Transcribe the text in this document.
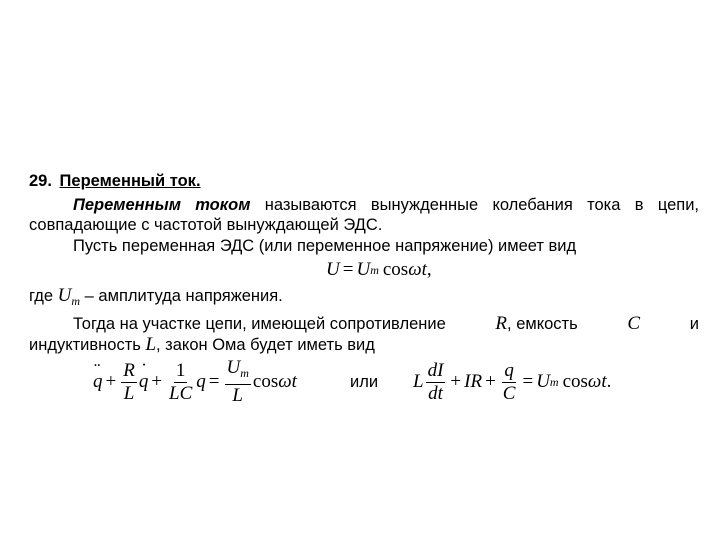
29. Переменный ток.
Переменным током называются вынужденные колебания тока в цепи,
совпадающие с частотой вынуждающей ЭДС.
Пусть переменная ЭДС (или переменное напряжение) имеет вид
U = U m cos ωt ,
где $U_m$ – амплитуда напряжения.
Тогда на участке цепи, имеющей сопротивление	R , емкость	C	и
индуктивность L, закон Ома будет иметь вид
¨ $q + \frac{R}{L}$
˙ $q + \frac{1}{LC}$ $q = \frac{U_m}{L}$ cos ωt	или L $\frac{dI}{dt}$ + IR + $\frac{q}{C} = U$ m cos ωt .
